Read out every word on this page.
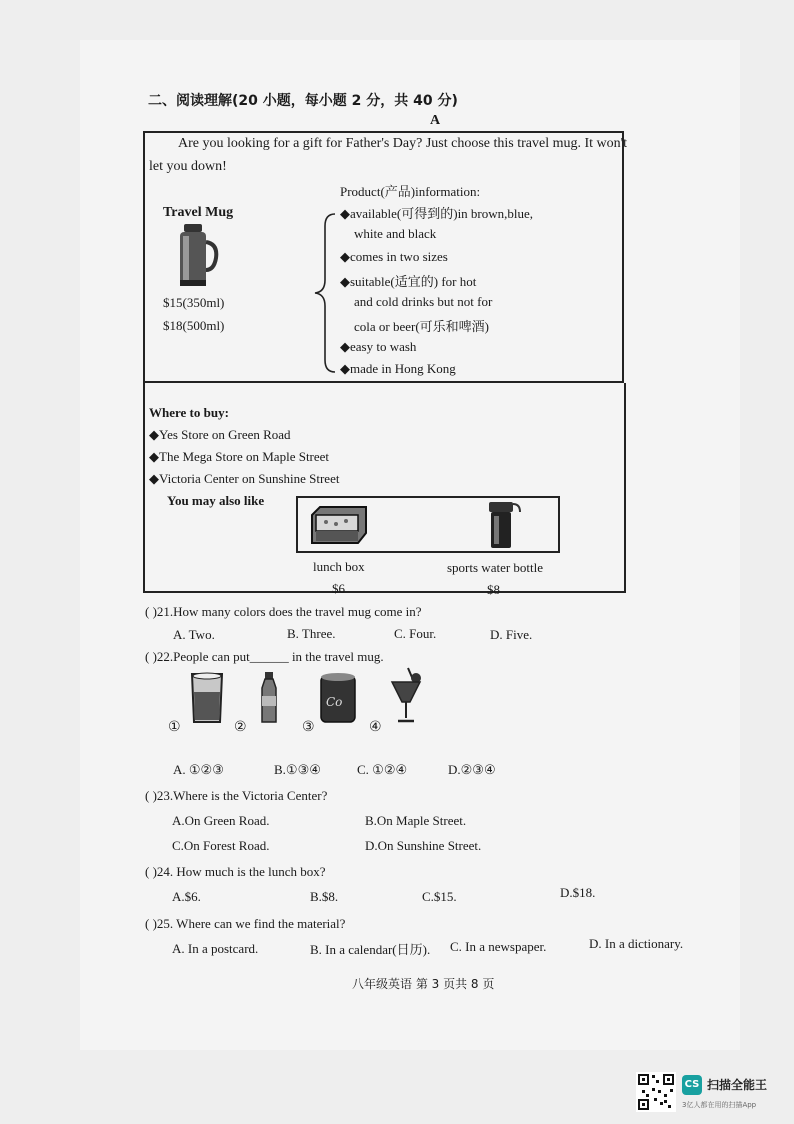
二、阅读理解(20 小题，每小题 2 分，共 40 分)
A
Are you looking for a gift for Father's Day? Just choose this travel mug. It won't
let you down!
Travel Mug
$15(350ml)
$18(500ml)
Product(产品)information:
◆available(可得到的)in brown,blue,
white and black
◆comes in two sizes
◆suitable(适宜的) for hot
and cold drinks but not for
cola or beer(可乐和啤酒)
◆easy to wash
◆made in Hong Kong
Where to buy:
◆Yes Store on Green Road
◆The Mega Store on Maple Street
◆Victoria Center on Sunshine Street
You may also like
lunch box
$6
sports water bottle
$8
( )21.How many colors does the travel mug come in?
A. Two.	B. Three.	C. Four.	D. Five.
( )22.People can put______ in the travel mug.
Co
①	②	③	④
A. ①②③	B.①③④	C. ①②④	D.②③④
( )23.Where is the Victoria Center?
A.On Green Road.	B.On Maple Street.
C.On Forest Road.	D.On Sunshine Street.
( )24. How much is the lunch box?
A.$6.	B.$8.	C.$15.	D.$18.
( )25. Where can we find the material?
A. In a postcard.	B. In a calendar(日历). C. In a newspaper.	D. In a dictionary.
八年级英语 第 3 页共 8 页
CS 扫描全能王
3亿人都在用的扫描App
